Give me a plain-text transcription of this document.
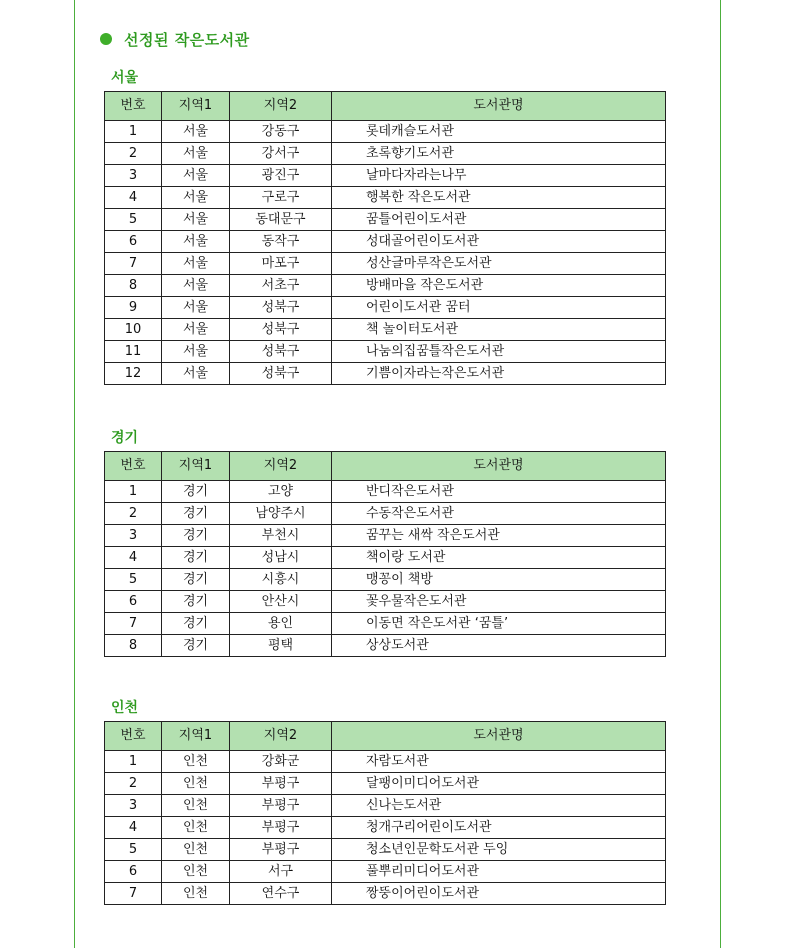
선정된 작은도서관
서울
번호	지역1	지역2	도서관명
1	서울	강동구	롯데캐슬도서관
2	서울	강서구	초록향기도서관
3	서울	광진구	날마다자라는나무
4	서울	구로구	행복한 작은도서관
5	서울	동대문구	꿈틀어린이도서관
6	서울	동작구	성대골어린이도서관
7	서울	마포구	성산글마루작은도서관
8	서울	서초구	방배마을 작은도서관
9	서울	성북구	어린이도서관 꿈터
10	서울	성북구	책 놀이터도서관
11	서울	성북구	나눔의집꿈틀작은도서관
12	서울	성북구	기쁨이자라는작은도서관
경기
번호	지역1	지역2	도서관명
1	경기	고양	반디작은도서관
2	경기	남양주시	수동작은도서관
3	경기	부천시	꿈꾸는 새싹 작은도서관
4	경기	성남시	책이랑 도서관
5	경기	시흥시	맹꽁이 책방
6	경기	안산시	꽃우물작은도서관
7	경기	용인	이동면 작은도서관 ‘꿈틀’
8	경기	평택	상상도서관
인천
번호	지역1	지역2	도서관명
1	인천	강화군	자람도서관
2	인천	부평구	달팽이미디어도서관
3	인천	부평구	신나는도서관
4	인천	부평구	청개구리어린이도서관
5	인천	부평구	청소년인문학도서관 두잉
6	인천	서구	풀뿌리미디어도서관
7	인천	연수구	짱뚱이어린이도서관
